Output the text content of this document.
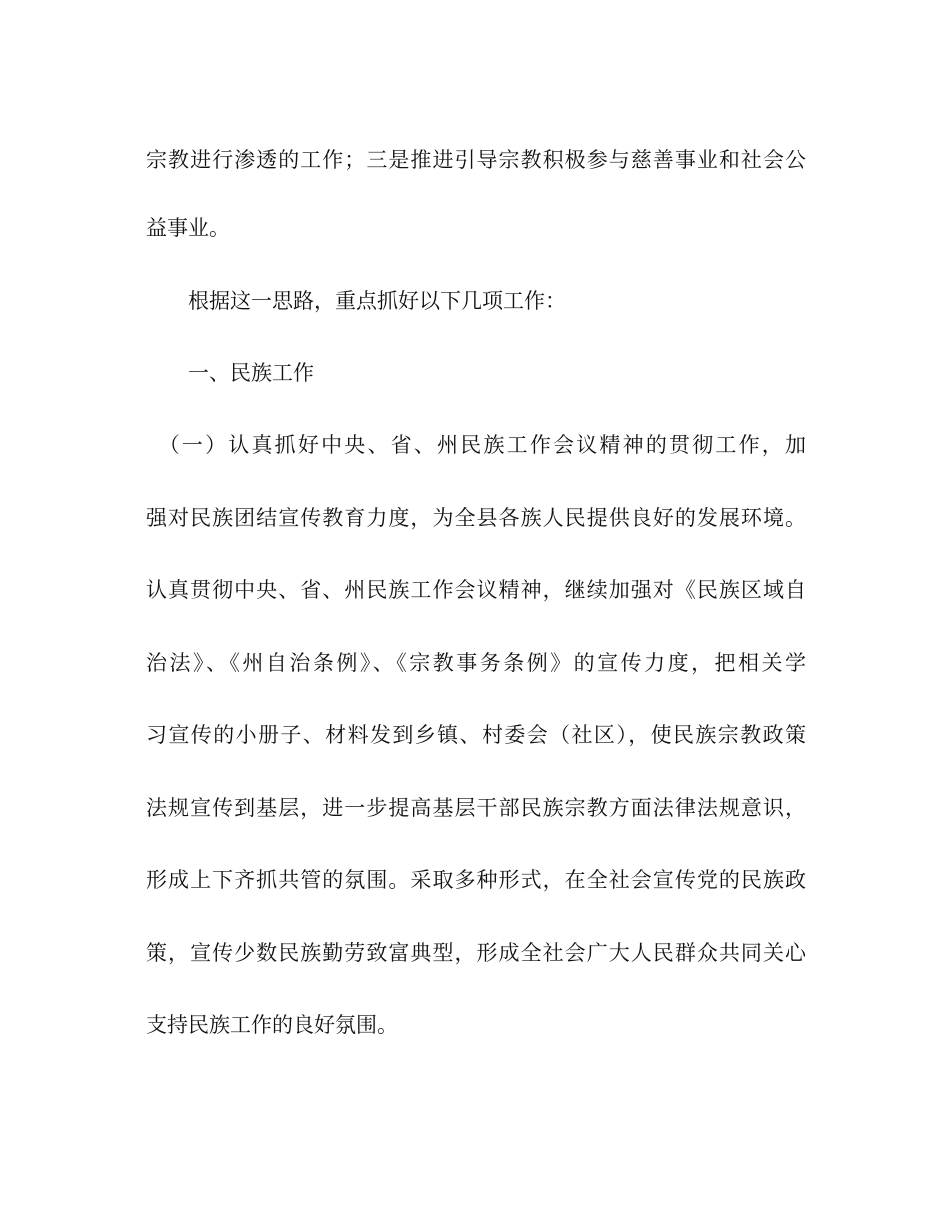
宗教进行渗透的工作；三是推进引导宗教积极参与慈善事业和社会公
益事业。
　　根据这一思路，重点抓好以下几项工作：
　　一、民族工作
　（一）认真抓好中央、省、州民族工作会议精神的贯彻工作，加
强对民族团结宣传教育力度，为全县各族人民提供良好的发展环境。
认真贯彻中央、省、州民族工作会议精神，继续加强对《民族区域自
治法》、《州自治条例》、《宗教事务条例》的宣传力度，把相关学
习宣传的小册子、材料发到乡镇、村委会（社区），使民族宗教政策
法规宣传到基层，进一步提高基层干部民族宗教方面法律法规意识，
形成上下齐抓共管的氛围。采取多种形式，在全社会宣传党的民族政
策，宣传少数民族勤劳致富典型，形成全社会广大人民群众共同关心
支持民族工作的良好氛围。
